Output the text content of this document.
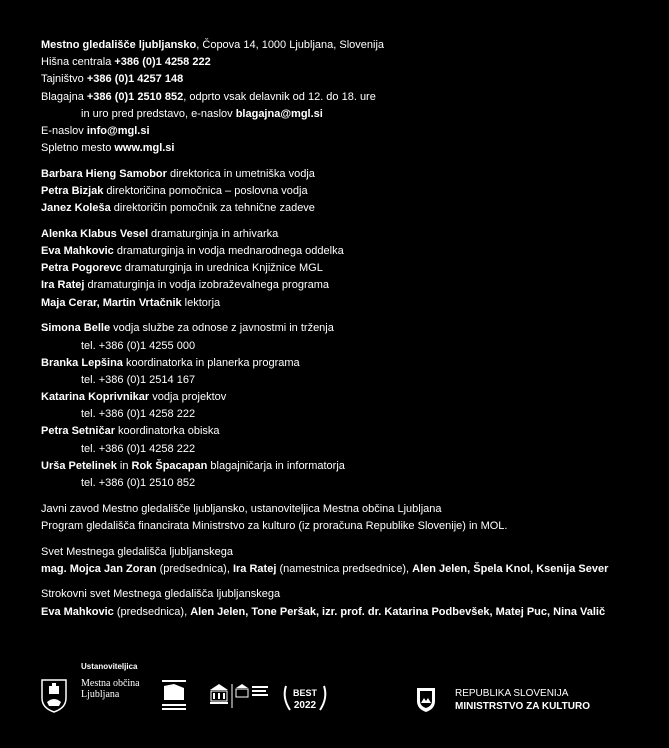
Mestno gledališče ljubljansko, Čopova 14, 1000 Ljubljana, Slovenija
Hišna centrala +386 (0)1 4258 222
Tajništvo +386 (0)1 4257 148
Blagajna +386 (0)1 2510 852, odprto vsak delavnik od 12. do 18. ure
in uro pred predstavo, e-naslov blagajna@mgl.si
E-naslov info@mgl.si
Spletno mesto www.mgl.si
Barbara Hieng Samobor direktorica in umetniška vodja
Petra Bizjak direktoričina pomočnica – poslovna vodja
Janez Koleša direktoričin pomočnik za tehnične zadeve
Alenka Klabus Vesel dramaturginja in arhivarka
Eva Mahkovic dramaturginja in vodja mednarodnega oddelka
Petra Pogorevc dramaturginja in urednica Knjižnice MGL
Ira Ratej dramaturginja in vodja izobraževalnega programa
Maja Cerar, Martin Vrtačnik lektorja
Simona Belle vodja službe za odnose z javnostmi in trženja
tel. +386 (0)1 4255 000
Branka Lepšina koordinatorka in planerka programa
tel. +386 (0)1 2514 167
Katarina Koprivnikar vodja projektov
tel. +386 (0)1 4258 222
Petra Setničar koordinatorka obiska
tel. +386 (0)1 4258 222
Urša Petelinek in Rok Špacapan blagajničarja in informatorja
tel. +386 (0)1 2510 852
Javni zavod Mestno gledališče ljubljansko, ustanoviteljica Mestna občina Ljubljana
Program gledališča financirata Ministrstvo za kulturo (iz proračuna Republike Slovenije) in MOL.
Svet Mestnega gledališča ljubljanskega
mag. Mojca Jan Zoran (predsednica), Ira Ratej (namestnica predsednice), Alen Jelen, Špela Knol, Ksenija Sever
Strokovni svet Mestnega gledališča ljubljanskega
Eva Mahkovic (predsednica), Alen Jelen, Tone Peršak, izr. prof. dr. Katarina Podbevšek, Matej Puc, Nina Valič
Ustanoviteljica
Mestna občina
Ljubljana	BEST
2022
REPUBLIKA SLOVENIJA
MINISTRSTVO ZA KULTURO
